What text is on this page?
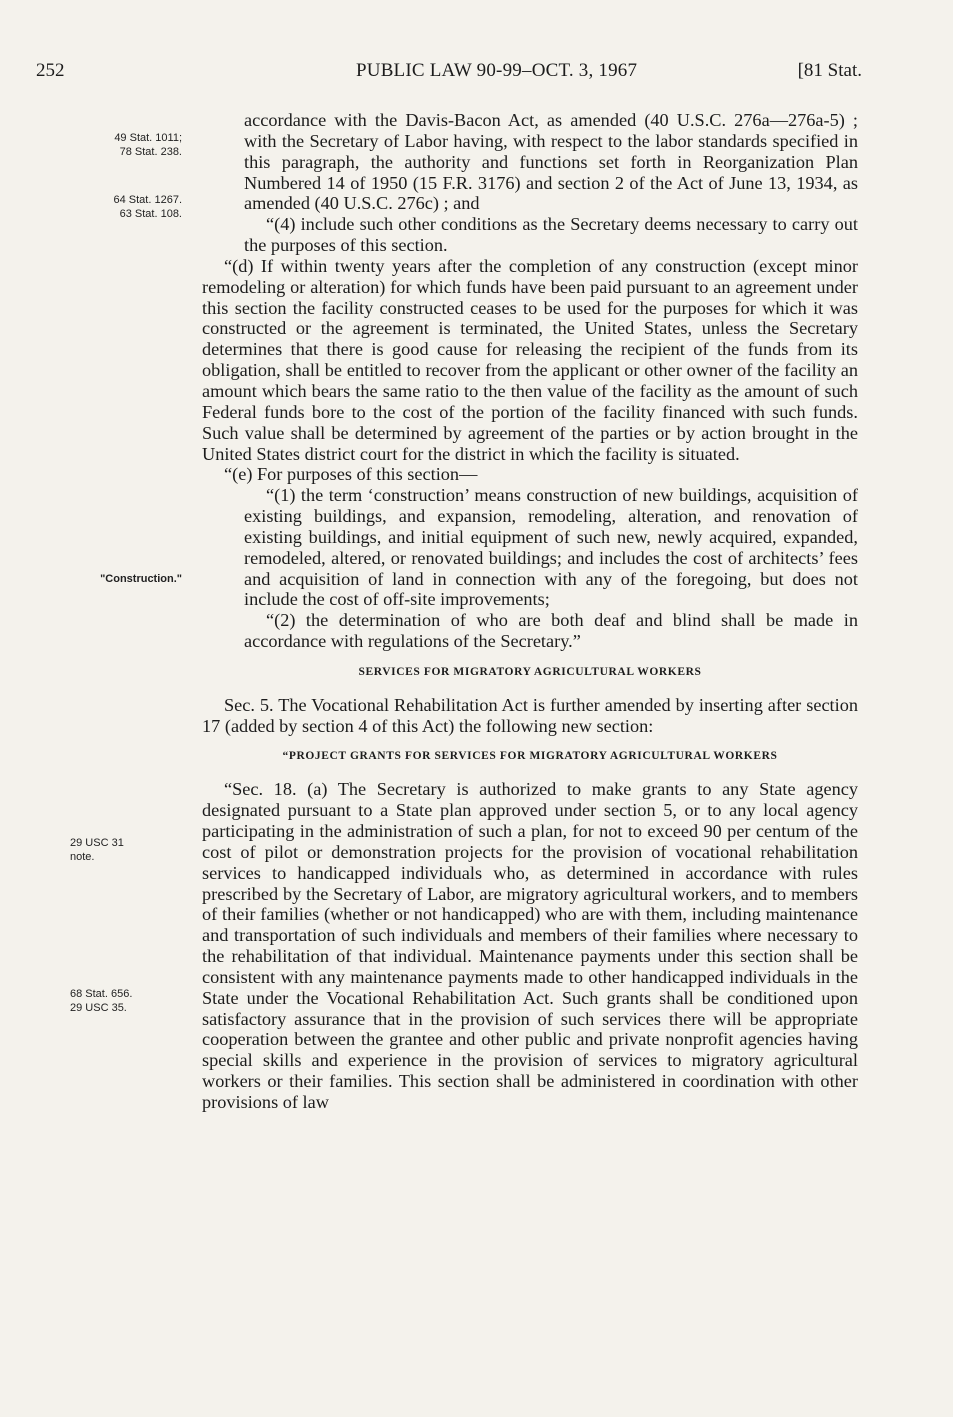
252	PUBLIC LAW 90-99–OCT. 3, 1967	[81 Stat.
49 Stat. 1011;
78 Stat. 238.
64 Stat. 1267.
63 Stat. 108.
"Construction."
29 USC 31
note.
68 Stat. 656.
29 USC 35.

accordance with the Davis-Bacon Act, as amended (40 U.S.C. 276a—276a-5) ; with the Secretary of Labor having, with respect to the labor standards specified in this paragraph, the authority and functions set forth in Reorganization Plan Numbered 14 of 1950 (15 F.R. 3176) and section 2 of the Act of June 13, 1934, as amended (40 U.S.C. 276c) ; and

“(4) include such other conditions as the Secretary deems necessary to carry out the purposes of this section.

“(d) If within twenty years after the completion of any construction (except minor remodeling or alteration) for which funds have been paid pursuant to an agreement under this section the facility constructed ceases to be used for the purposes for which it was constructed or the agreement is terminated, the United States, unless the Secretary determines that there is good cause for releasing the recipient of the funds from its obligation, shall be entitled to recover from the applicant or other owner of the facility an amount which bears the same ratio to the then value of the facility as the amount of such Federal funds bore to the cost of the portion of the facility financed with such funds. Such value shall be determined by agreement of the parties or by action brought in the United States district court for the district in which the facility is situated.

“(e) For purposes of this section—

“(1) the term ‘construction’ means construction of new buildings, acquisition of existing buildings, and expansion, remodeling, alteration, and renovation of existing buildings, and initial equipment of such new, newly acquired, expanded, remodeled, altered, or renovated buildings; and includes the cost of architects’ fees and acquisition of land in connection with any of the foregoing, but does not include the cost of off-site improvements;

“(2) the determination of who are both deaf and blind shall be made in accordance with regulations of the Secretary.”

SERVICES FOR MIGRATORY AGRICULTURAL WORKERS

Sec. 5. The Vocational Rehabilitation Act is further amended by inserting after section 17 (added by section 4 of this Act) the following new section:

“PROJECT GRANTS FOR SERVICES FOR MIGRATORY AGRICULTURAL WORKERS

“Sec. 18. (a) The Secretary is authorized to make grants to any State agency designated pursuant to a State plan approved under section 5, or to any local agency participating in the administration of such a plan, for not to exceed 90 per centum of the cost of pilot or demonstration projects for the provision of vocational rehabilitation services to handicapped individuals who, as determined in accordance with rules prescribed by the Secretary of Labor, are migratory agricultural workers, and to members of their families (whether or not handicapped) who are with them, including maintenance and transportation of such individuals and members of their families where necessary to the rehabilitation of that individual. Maintenance payments under this section shall be consistent with any maintenance payments made to other handicapped individuals in the State under the Vocational Rehabilitation Act. Such grants shall be conditioned upon satisfactory assurance that in the provision of such services there will be appropriate cooperation between the grantee and other public and private nonprofit agencies having special skills and experience in the provision of services to migratory agricultural workers or their families. This section shall be administered in coordination with other provisions of law
